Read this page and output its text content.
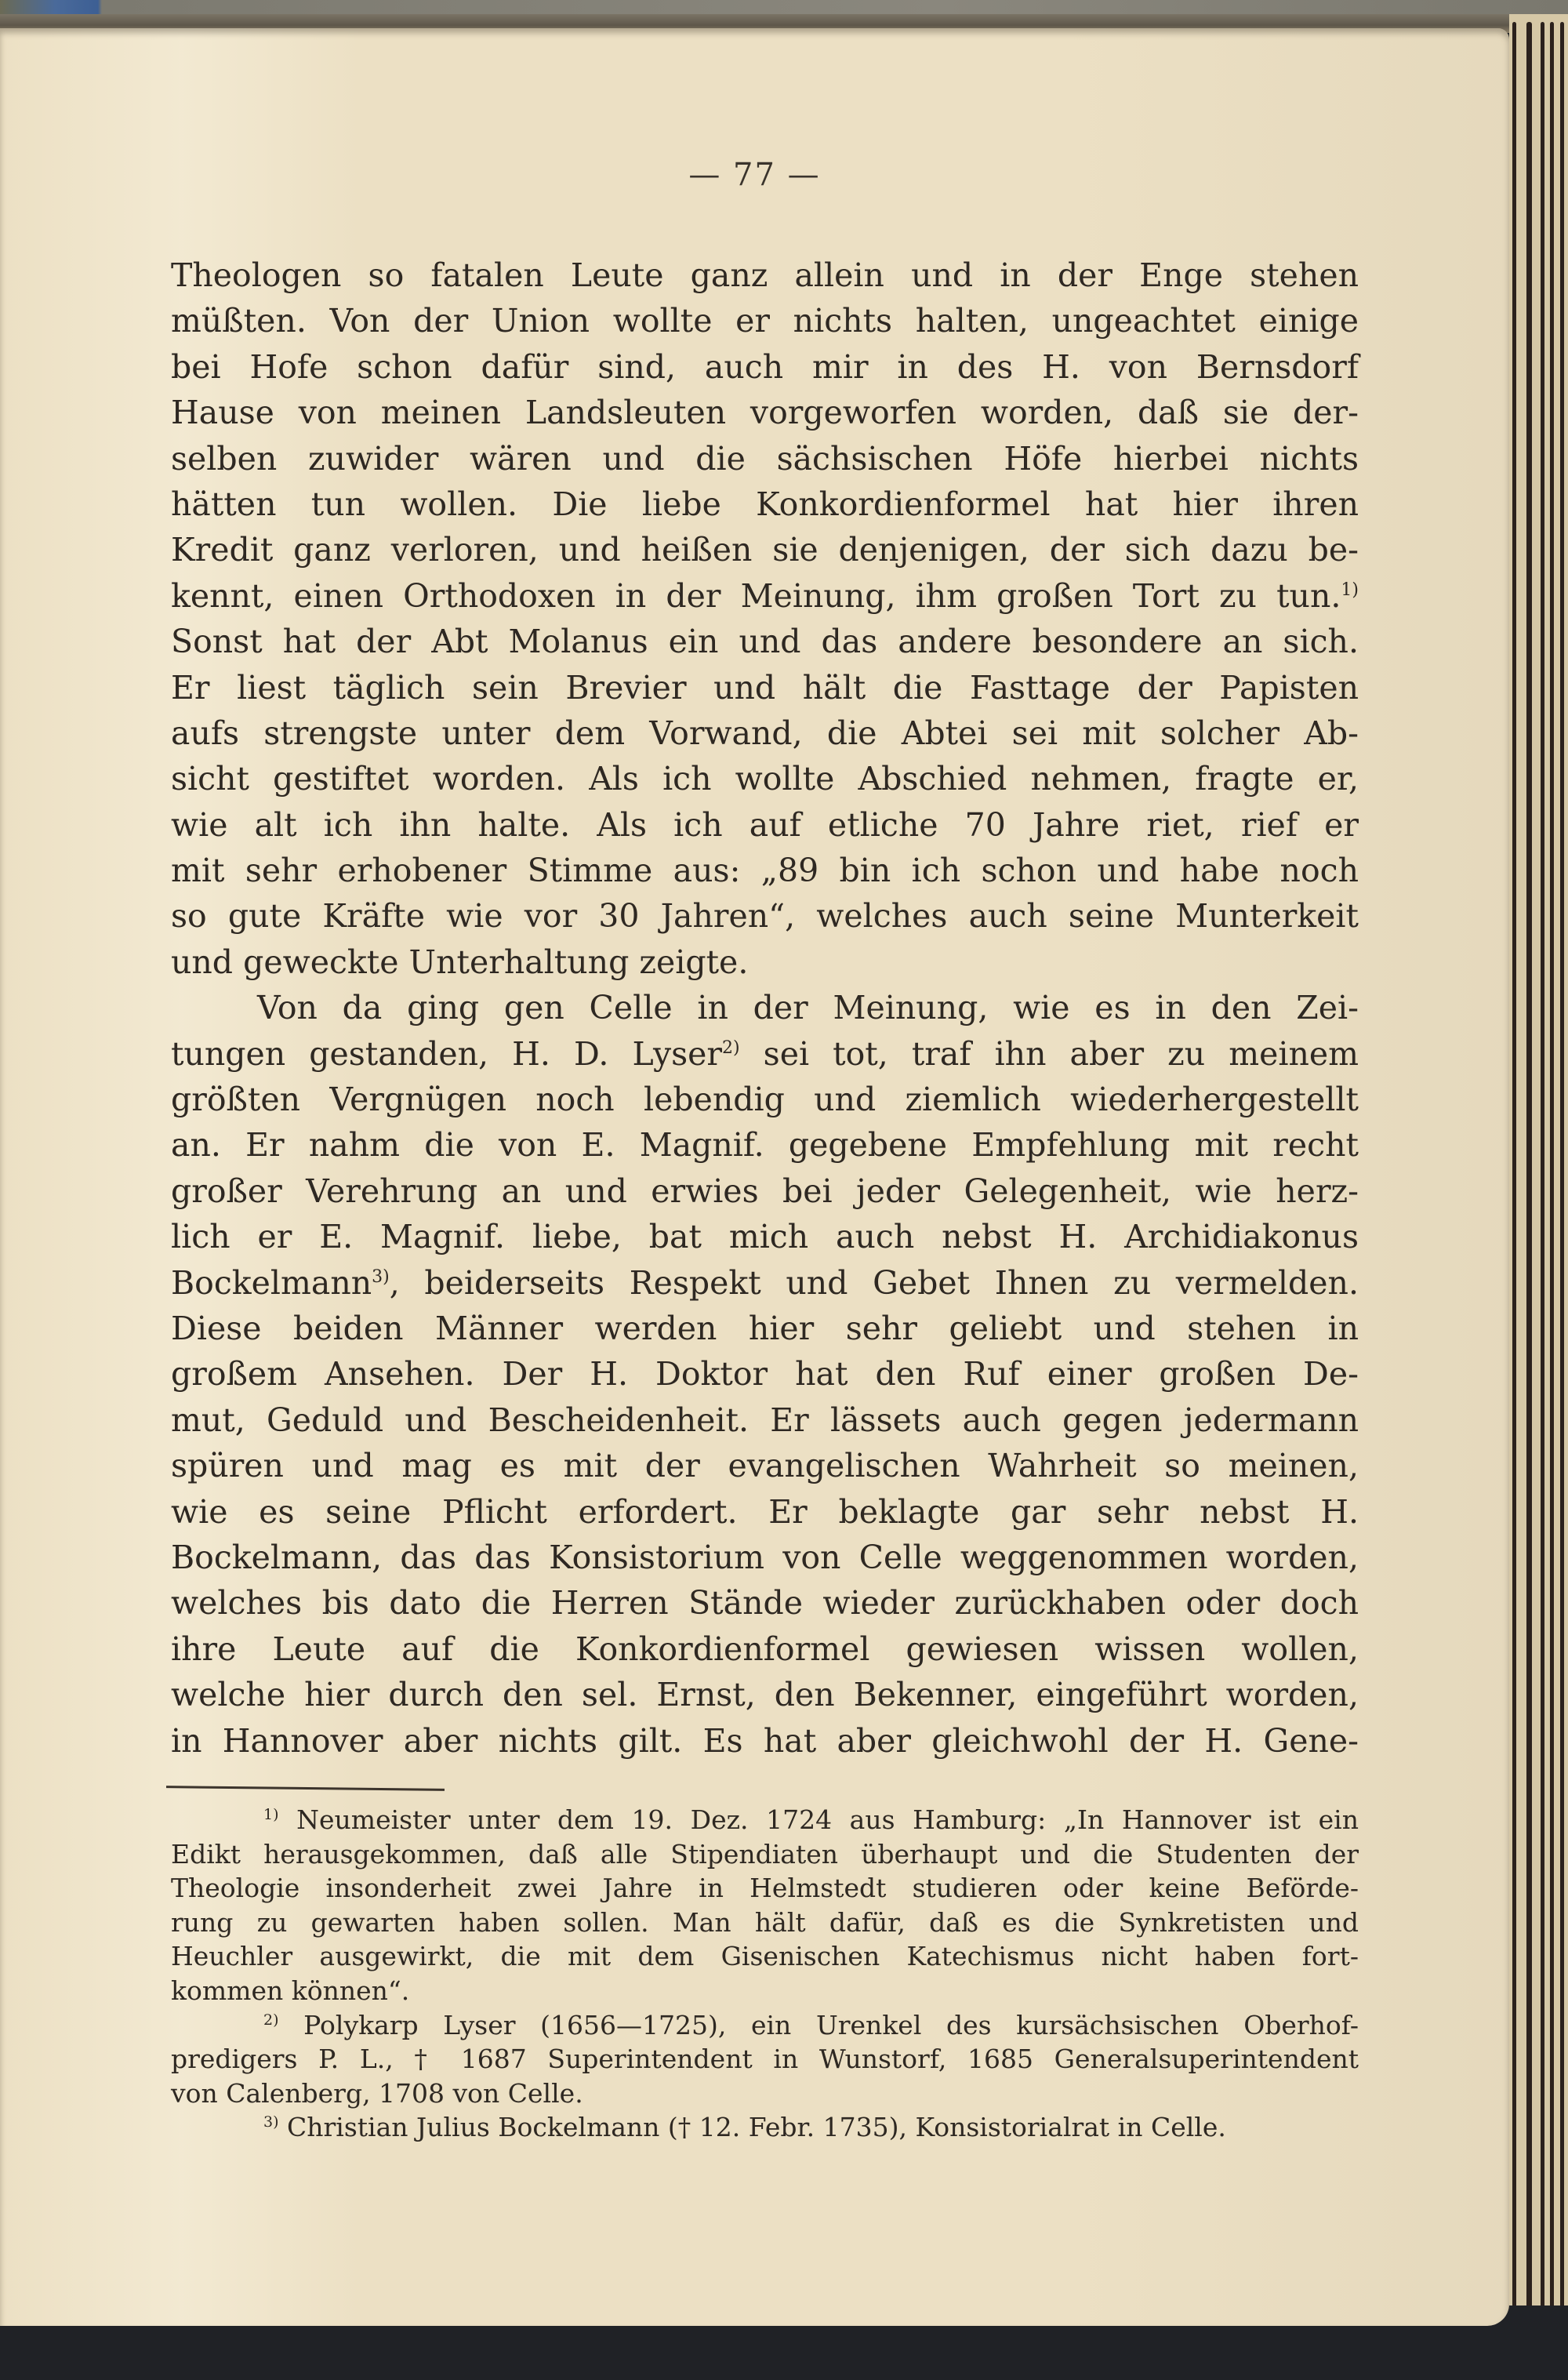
— 77 —
Theologen so fatalen Leute ganz allein und in der Enge stehen
müßten. Von der Union wollte er nichts halten, ungeachtet einige
bei Hofe schon dafür sind, auch mir in des H. von Bernsdorf
Hause von meinen Landsleuten vorgeworfen worden, daß sie der-
selben zuwider wären und die sächsischen Höfe hierbei nichts
hätten tun wollen. Die liebe Konkordienformel hat hier ihren
Kredit ganz verloren, und heißen sie denjenigen, der sich dazu be-
kennt, einen Orthodoxen in der Meinung, ihm großen Tort zu tun.$^{1)}$
Sonst hat der Abt Molanus ein und das andere besondere an sich.
Er liest täglich sein Brevier und hält die Fasttage der Papisten
aufs strengste unter dem Vorwand, die Abtei sei mit solcher Ab-
sicht gestiftet worden. Als ich wollte Abschied nehmen, fragte er,
wie alt ich ihn halte. Als ich auf etliche 70 Jahre riet, rief er
mit sehr erhobener Stimme aus: „89 bin ich schon und habe noch
so gute Kräfte wie vor 30 Jahren“, welches auch seine Munterkeit
und geweckte Unterhaltung zeigte.
Von da ging gen Celle in der Meinung, wie es in den Zei-
tungen gestanden, H. D. Lyser$^{2)}$ sei tot, traf ihn aber zu meinem
größten Vergnügen noch lebendig und ziemlich wiederhergestellt
an. Er nahm die von E. Magnif. gegebene Empfehlung mit recht
großer Verehrung an und erwies bei jeder Gelegenheit, wie herz-
lich er E. Magnif. liebe, bat mich auch nebst H. Archidiakonus
Bockelmann$^{3)}$, beiderseits Respekt und Gebet Ihnen zu vermelden.
Diese beiden Männer werden hier sehr geliebt und stehen in
großem Ansehen. Der H. Doktor hat den Ruf einer großen De-
mut, Geduld und Bescheidenheit. Er lässets auch gegen jedermann
spüren und mag es mit der evangelischen Wahrheit so meinen,
wie es seine Pflicht erfordert. Er beklagte gar sehr nebst H.
Bockelmann, das das Konsistorium von Celle weggenommen worden,
welches bis dato die Herren Stände wieder zurückhaben oder doch
ihre Leute auf die Konkordienformel gewiesen wissen wollen,
welche hier durch den sel. Ernst, den Bekenner, eingeführt worden,
in Hannover aber nichts gilt. Es hat aber gleichwohl der H. Gene-
$^{1)}$ Neumeister unter dem 19. Dez. 1724 aus Hamburg: „In Hannover ist ein
Edikt herausgekommen, daß alle Stipendiaten überhaupt und die Studenten der
Theologie insonderheit zwei Jahre in Helmstedt studieren oder keine Beförde-
rung zu gewarten haben sollen. Man hält dafür, daß es die Synkretisten und
Heuchler ausgewirkt, die mit dem Gisenischen Katechismus nicht haben fort-
kommen können“.
$^{2)}$ Polykarp Lyser (1656—1725), ein Urenkel des kursächsischen Oberhof-
predigers P. L., † 1687 Superintendent in Wunstorf, 1685 Generalsuperintendent
von Calenberg, 1708 von Celle.
$^{3)}$ Christian Julius Bockelmann († 12. Febr. 1735), Konsistorialrat in Celle.
